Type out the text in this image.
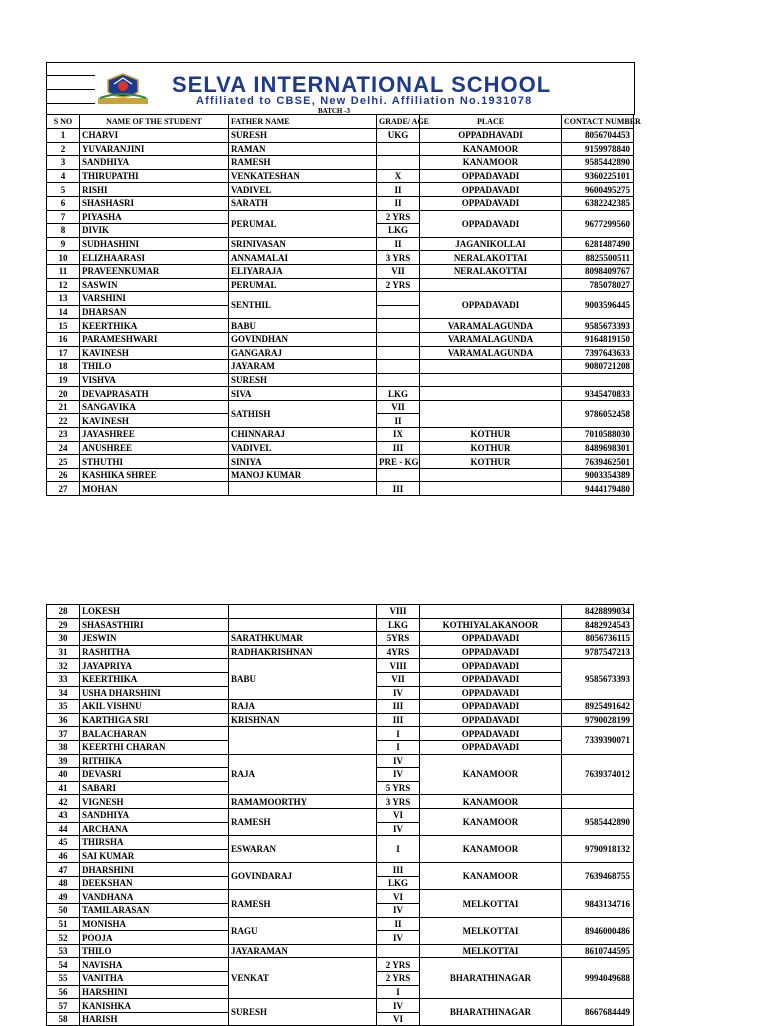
SELVA INTERNATIONAL SCHOOL
Affiliated to CBSE, New Delhi. Affiliation No.1931078
BATCH -3
S NO	NAME OF THE STUDENT	FATHER NAME	GRADE/ AGE	PLACE	CONTACT NUMBER
1	CHARVI	SURESH	UKG	OPPADHAVADI	8056704453
2	YUVARANJINI	RAMAN		KANAMOOR	9159978840
3	SANDHIYA	RAMESH		KANAMOOR	9585442890
4	THIRUPATHI	VENKATESHAN	X	OPPADAVADI	9360225101
5	RISHI	VADIVEL	II	OPPADAVADI	9600495275
6	SHASHASRI	SARATH	II	OPPADAVADI	6382242385
7	PIYASHA	PERUMAL	2 YRS	OPPADAVADI	9677299560
8	DIVIK		LKG		
9	SUDHASHINI	SRINIVASAN	II	JAGANIKOLLAI	6281487490
10	ELIZHAARASI	ANNAMALAI	3 YRS	NERALAKOTTAI	8825500511
11	PRAVEENKUMAR	ELIYARAJA	VII	NERALAKOTTAI	8098409767
12	SASWIN	PERUMAL	2 YRS		785078027
13	VARSHINI	SENTHIL		OPPADAVADI	9003596445
14	DHARSAN				
15	KEERTHIKA	BABU		VARAMALAGUNDA	9585673393
16	PARAMESHWARI	GOVINDHAN		VARAMALAGUNDA	9164819150
17	KAVINESH	GANGARAJ		VARAMALAGUNDA	7397643633
18	THILO	JAYARAM			9080721208
19	VISHVA	SURESH			
20	DEVAPRASATH	SIVA	LKG		9345470833
21	SANGAVIKA	SATHISH	VII		9786052458
22	KAVINESH		II		
23	JAYASHREE	CHINNARAJ	IX	KOTHUR	7010588030
24	ANUSHREE	VADIVEL	III	KOTHUR	8489698301
25	STHUTHI	SINIYA	PRE - KG	KOTHUR	7639462501
26	KASHIKA SHREE	MANOJ KUMAR			9003354389
27	MOHAN		III		9444179480
28	LOKESH		VIII		8428899034
29	SHASASTHIRI		LKG	KOTHIYALAKANOOR	8482924543
30	JESWIN	SARATHKUMAR	5YRS	OPPADAVADI	8056736115
31	RASHITHA	RADHAKRISHNAN	4YRS	OPPADAVADI	9787547213
32	JAYAPRIYA	BABU	VIII	OPPADAVADI	9585673393
33	KEERTHIKA		VII	OPPADAVADI	
34	USHA DHARSHINI		IV	OPPADAVADI	
35	AKIL VISHNU	RAJA	III	OPPADAVADI	8925491642
36	KARTHIGA SRI	KRISHNAN	III	OPPADAVADI	9790028199
37	BALACHARAN		I	OPPADAVADI	7339390071
38	KEERTHI CHARAN		I	OPPADAVADI	
39	RITHIKA	RAJA	IV	KANAMOOR	7639374012
40	DEVASRI		IV		
41	SABARI		5 YRS		
42	VIGNESH	RAMAMOORTHY	3 YRS	KANAMOOR	
43	SANDHIYA	RAMESH	VI	KANAMOOR	9585442890
44	ARCHANA		IV		
45	THIRSHA	ESWARAN	I	KANAMOOR	9790918132
46	SAI KUMAR				
47	DHARSHINI	GOVINDARAJ	III	KANAMOOR	7639468755
48	DEEKSHAN		LKG		
49	VANDHANA	RAMESH	VI	MELKOTTAI	9843134716
50	TAMILARASAN		IV		
51	MONISHA	RAGU	II	MELKOTTAI	8946000486
52	POOJA		IV		
53	THILO	JAYARAMAN		MELKOTTAI	8610744595
54	NAVISHA	VENKAT	2 YRS	BHARATHINAGAR	9994049688
55	VANITHA		2 YRS		
56	HARSHINI		I		
57	KANISHKA	SURESH	IV	BHARATHINAGAR	8667684449
58	HARISH		VI		
